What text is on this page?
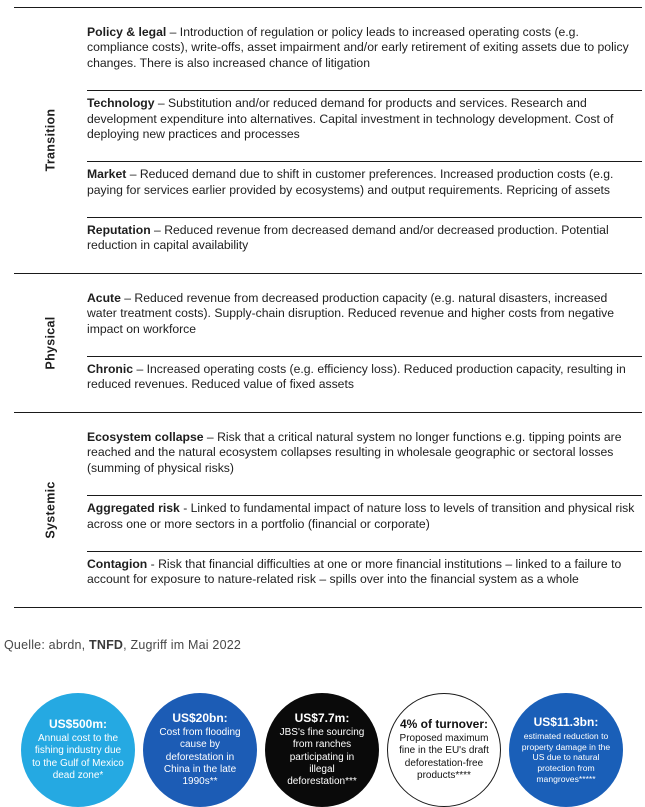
Transition

Policy & legal – Introduction of regulation or policy leads to increased operating costs (e.g. compliance costs), write-offs, asset impairment and/or early retirement of exiting assets due to policy changes. There is also increased chance of litigation

Technology – Substitution and/or reduced demand for products and services. Research and development expenditure into alternatives. Capital investment in technology development. Cost of deploying new practices and processes

Market – Reduced demand due to shift in customer preferences. Increased production costs (e.g. paying for services earlier provided by ecosystems) and output requirements. Repricing of assets

Reputation – Reduced revenue from decreased demand and/or decreased production. Potential reduction in capital availability

Physical

Acute – Reduced revenue from decreased production capacity (e.g. natural disasters, increased water treatment costs). Supply-chain disruption. Reduced revenue and higher costs from negative impact on workforce

Chronic – Increased operating costs (e.g. efficiency loss). Reduced production capacity, resulting in reduced revenues. Reduced value of fixed assets

Systemic

Ecosystem collapse – Risk that a critical natural system no longer functions e.g. tipping points are reached and the natural ecosystem collapses resulting in wholesale geographic or sectoral losses (summing of physical risks)

Aggregated risk - Linked to fundamental impact of nature loss to levels of transition and physical risk across one or more sectors in a portfolio (financial or corporate)

Contagion - Risk that financial difficulties at one or more financial institutions – linked to a failure to account for exposure to nature-related risk – spills over into the financial system as a whole

Quelle: abrdn, TNFD, Zugriff im Mai 2022

US$500m:
Annual cost to the fishing industry due to the Gulf of Mexico dead zone*
US$20bn:
Cost from flooding cause by deforestation in China in the late 1990s**
US$7.7m:
JBS's fine sourcing from ranches participating in illegal deforestation***
4% of turnover:
Proposed maximum fine in the EU's draft deforestation-free products****
US$11.3bn:
estimated reduction to property damage in the US due to natural protection from mangroves*****
